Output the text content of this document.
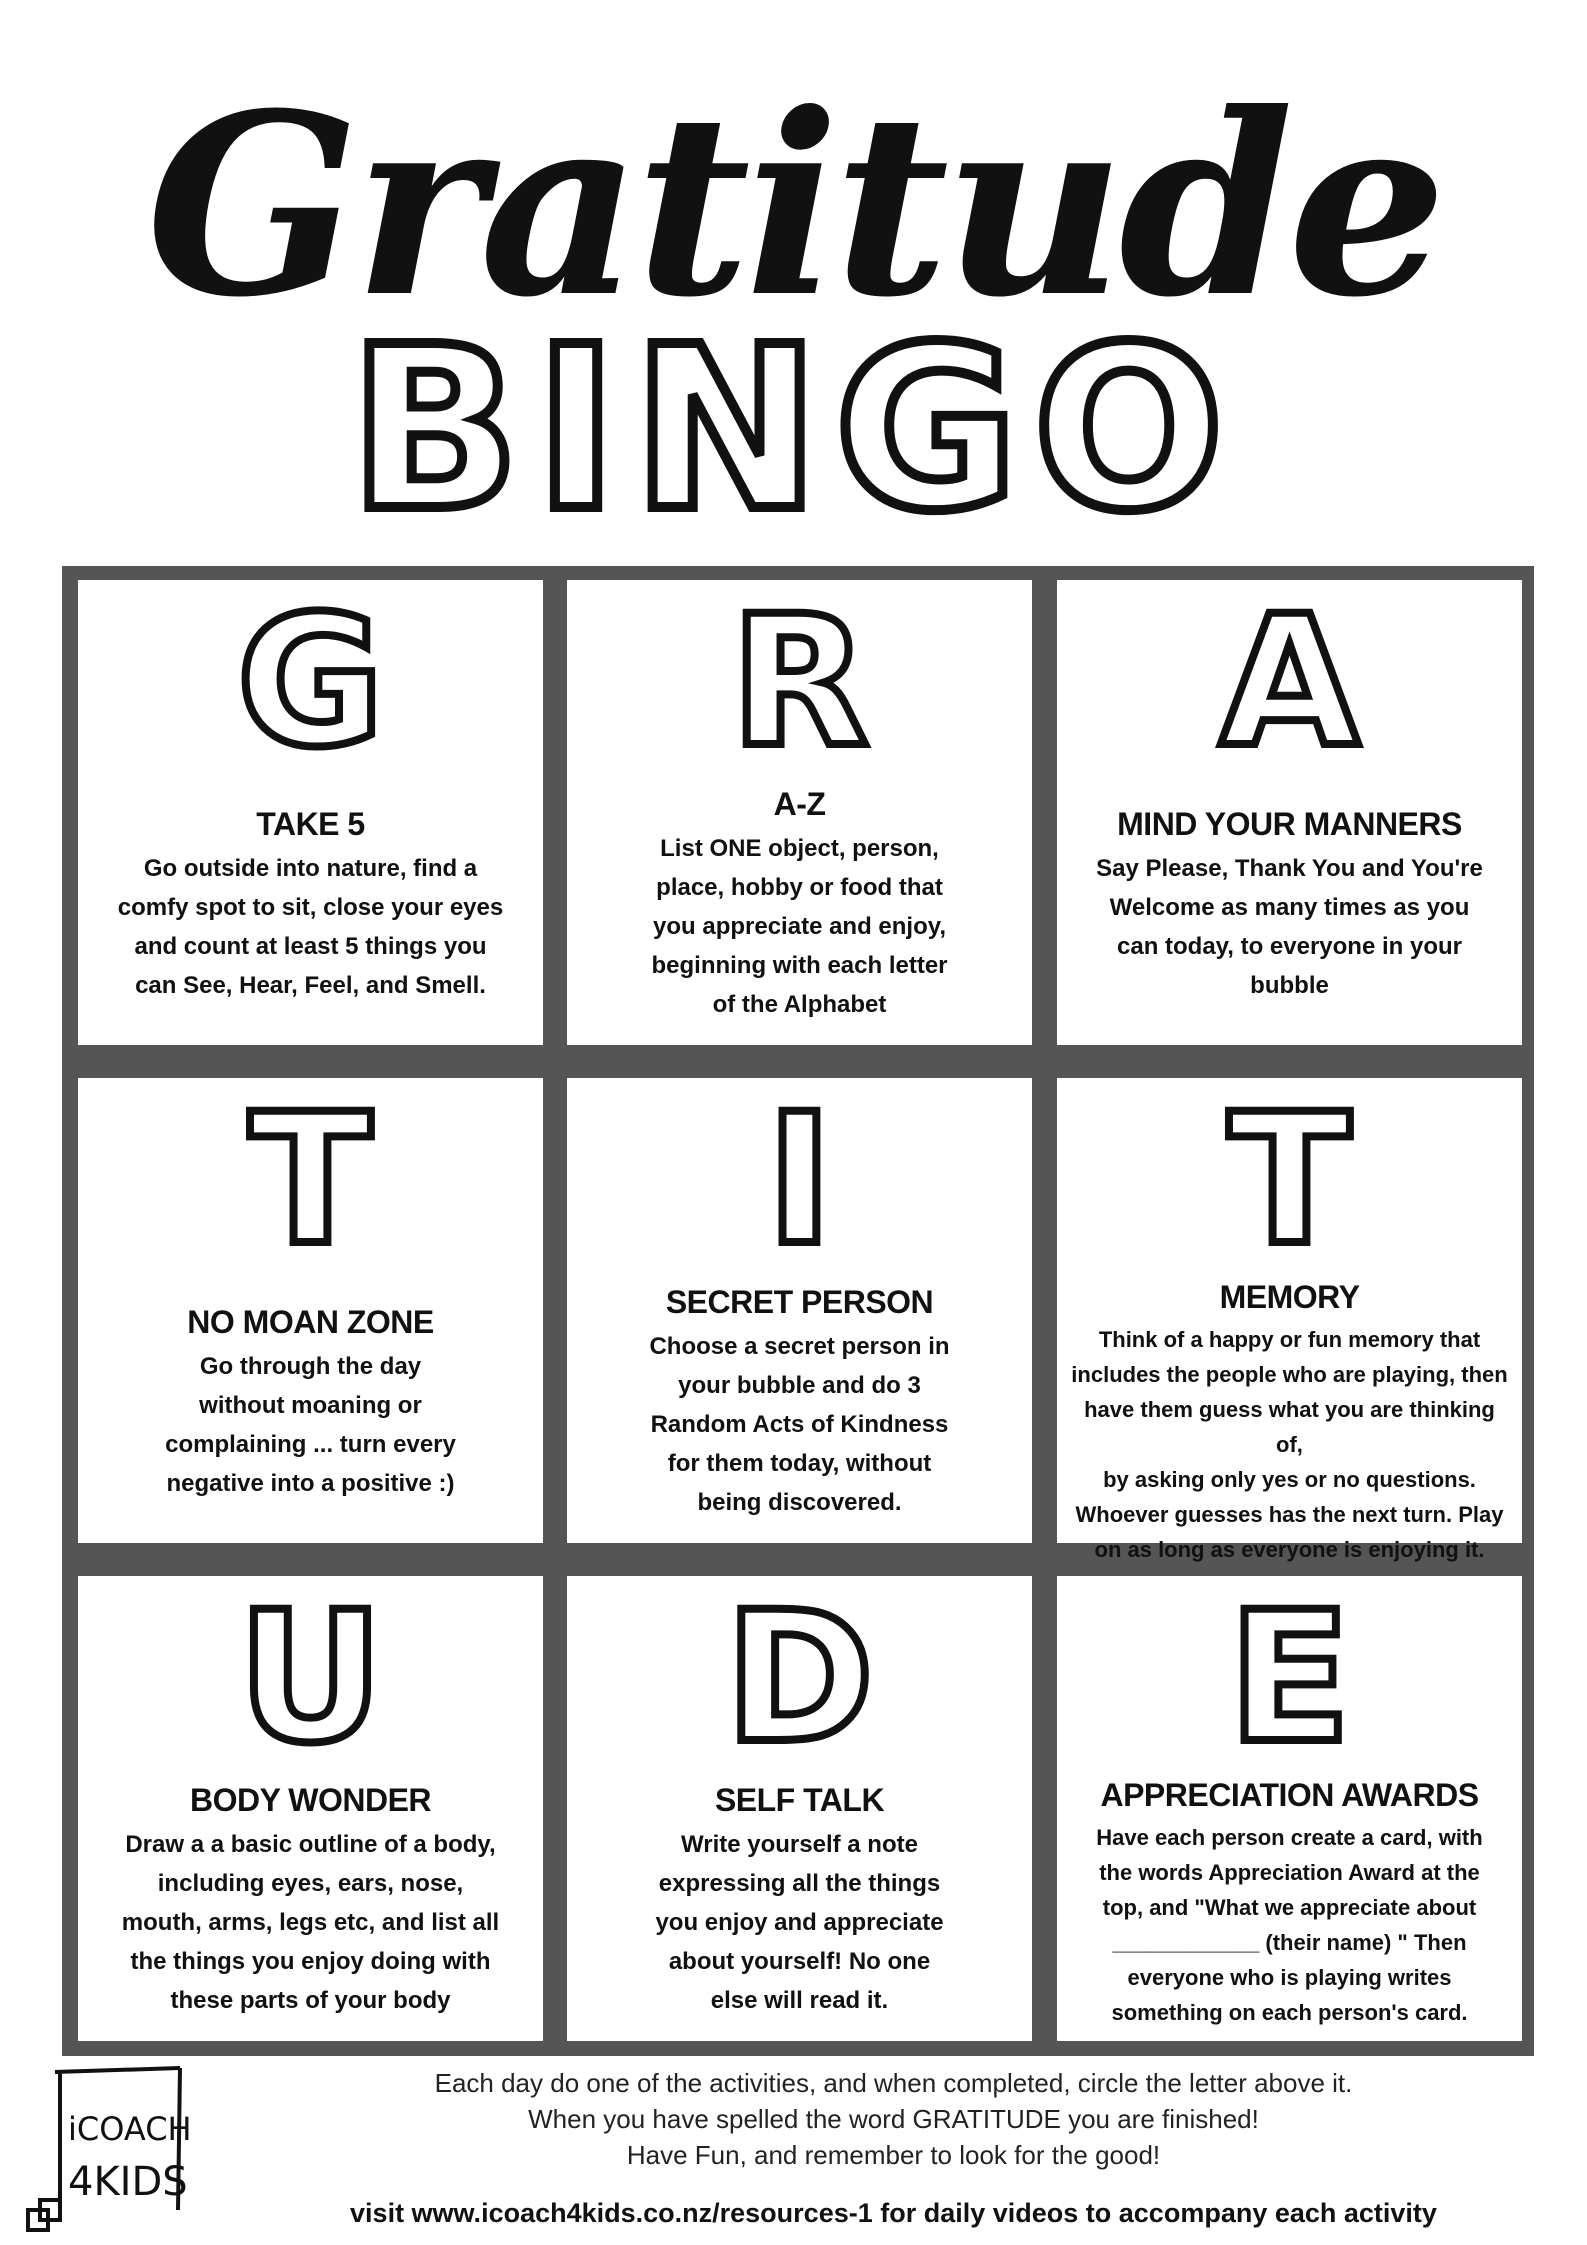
Gratitude
BINGO
G
TAKE 5
Go outside into nature, find a
comfy spot to sit, close your eyes
and count at least 5 things you
can See, Hear, Feel, and Smell.
R
A-Z
List ONE object, person,
place, hobby or food that
you appreciate and enjoy,
beginning with each letter
of the Alphabet
A
MIND YOUR MANNERS
Say Please, Thank You and You're
Welcome as many times as you
can today, to everyone in your
bubble
T
NO MOAN ZONE
Go through the day
without moaning or
complaining ... turn every
negative into a positive :)
I
SECRET PERSON
Choose a secret person in
your bubble and do 3
Random Acts of Kindness
for them today, without
being discovered.
T
MEMORY
Think of a happy or fun memory that
includes the people who are playing, then
have them guess what you are thinking of,
by asking only yes or no questions.
Whoever guesses has the next turn. Play
on as long as everyone is enjoying it.
U
BODY WONDER
Draw a a basic outline of a body,
including eyes, ears, nose,
mouth, arms, legs etc, and list all
the things you enjoy doing with
these parts of your body
D
SELF TALK
Write yourself a note
expressing all the things
you enjoy and appreciate
about yourself! No one
else will read it.
E
APPRECIATION AWARDS
Have each person create a card, with
the words Appreciation Award at the
top, and "What we appreciate about
____________ (their name) " Then
everyone who is playing writes
something on each person's card.
iCOACH
4KIDS
Each day do one of the activities, and when completed, circle the letter above it.
When you have spelled the word GRATITUDE you are finished!
Have Fun, and remember to look for the good!
visit www.icoach4kids.co.nz/resources-1 for daily videos to accompany each activity
